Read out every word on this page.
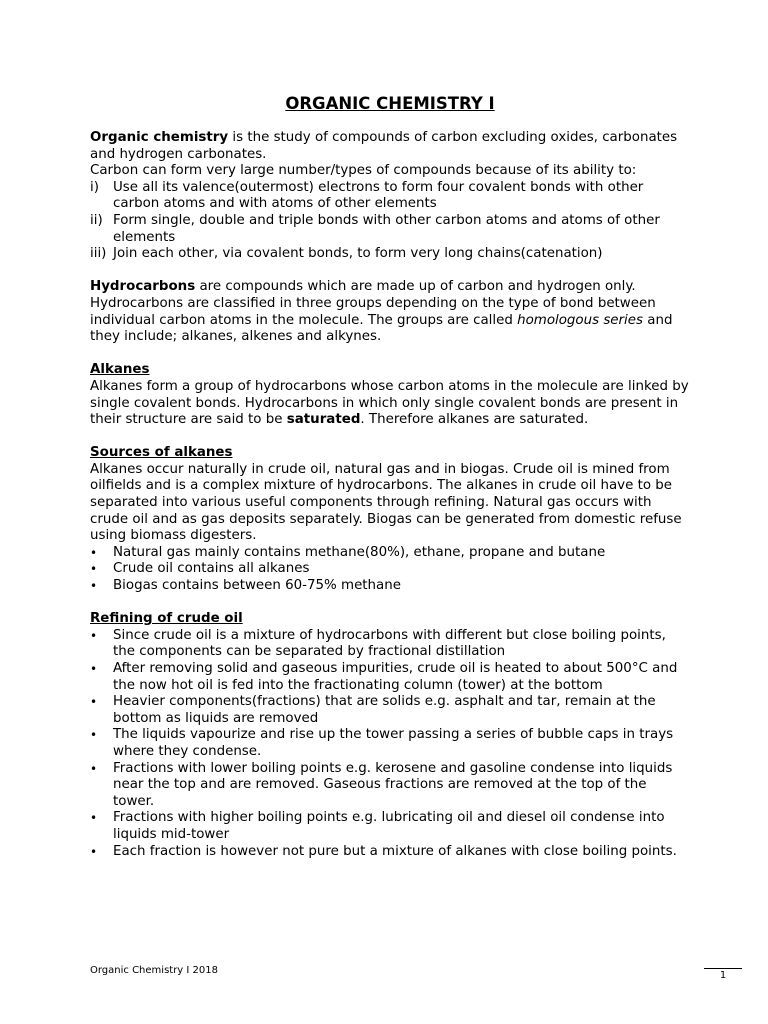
ORGANIC CHEMISTRY I

Organic chemistry is the study of compounds of carbon excluding oxides, carbonates and hydrogen carbonates.

Carbon can form very large number/types of compounds because of its ability to:

i) Use all its valence(outermost) electrons to form four covalent bonds with other carbon atoms and with atoms of other elements
ii) Form single, double and triple bonds with other carbon atoms and atoms of other elements
iii) Join each other, via covalent bonds, to form very long chains(catenation)

Hydrocarbons are compounds which are made up of carbon and hydrogen only. Hydrocarbons are classified in three groups depending on the type of bond between individual carbon atoms in the molecule. The groups are called homologous series and they include; alkanes, alkenes and alkynes.

Alkanes

Alkanes form a group of hydrocarbons whose carbon atoms in the molecule are linked by single covalent bonds. Hydrocarbons in which only single covalent bonds are present in their structure are said to be saturated. Therefore alkanes are saturated.

Sources of alkanes

Alkanes occur naturally in crude oil, natural gas and in biogas. Crude oil is mined from oilfields and is a complex mixture of hydrocarbons. The alkanes in crude oil have to be separated into various useful components through refining. Natural gas occurs with crude oil and as gas deposits separately. Biogas can be generated from domestic refuse using biomass digesters.

• Natural gas mainly contains methane(80%), ethane, propane and butane
• Crude oil contains all alkanes
• Biogas contains between 60-75% methane

Refining of crude oil

• Since crude oil is a mixture of hydrocarbons with different but close boiling points, the components can be separated by fractional distillation
• After removing solid and gaseous impurities, crude oil is heated to about 500°C and the now hot oil is fed into the fractionating column (tower) at the bottom
• Heavier components(fractions) that are solids e.g. asphalt and tar, remain at the bottom as liquids are removed
• The liquids vapourize and rise up the tower passing a series of bubble caps in trays where they condense.
• Fractions with lower boiling points e.g. kerosene and gasoline condense into liquids near the top and are removed. Gaseous fractions are removed at the top of the tower.
• Fractions with higher boiling points e.g. lubricating oil and diesel oil condense into liquids mid-tower
• Each fraction is however not pure but a mixture of alkanes with close boiling points.
Organic Chemistry I 2018	1
